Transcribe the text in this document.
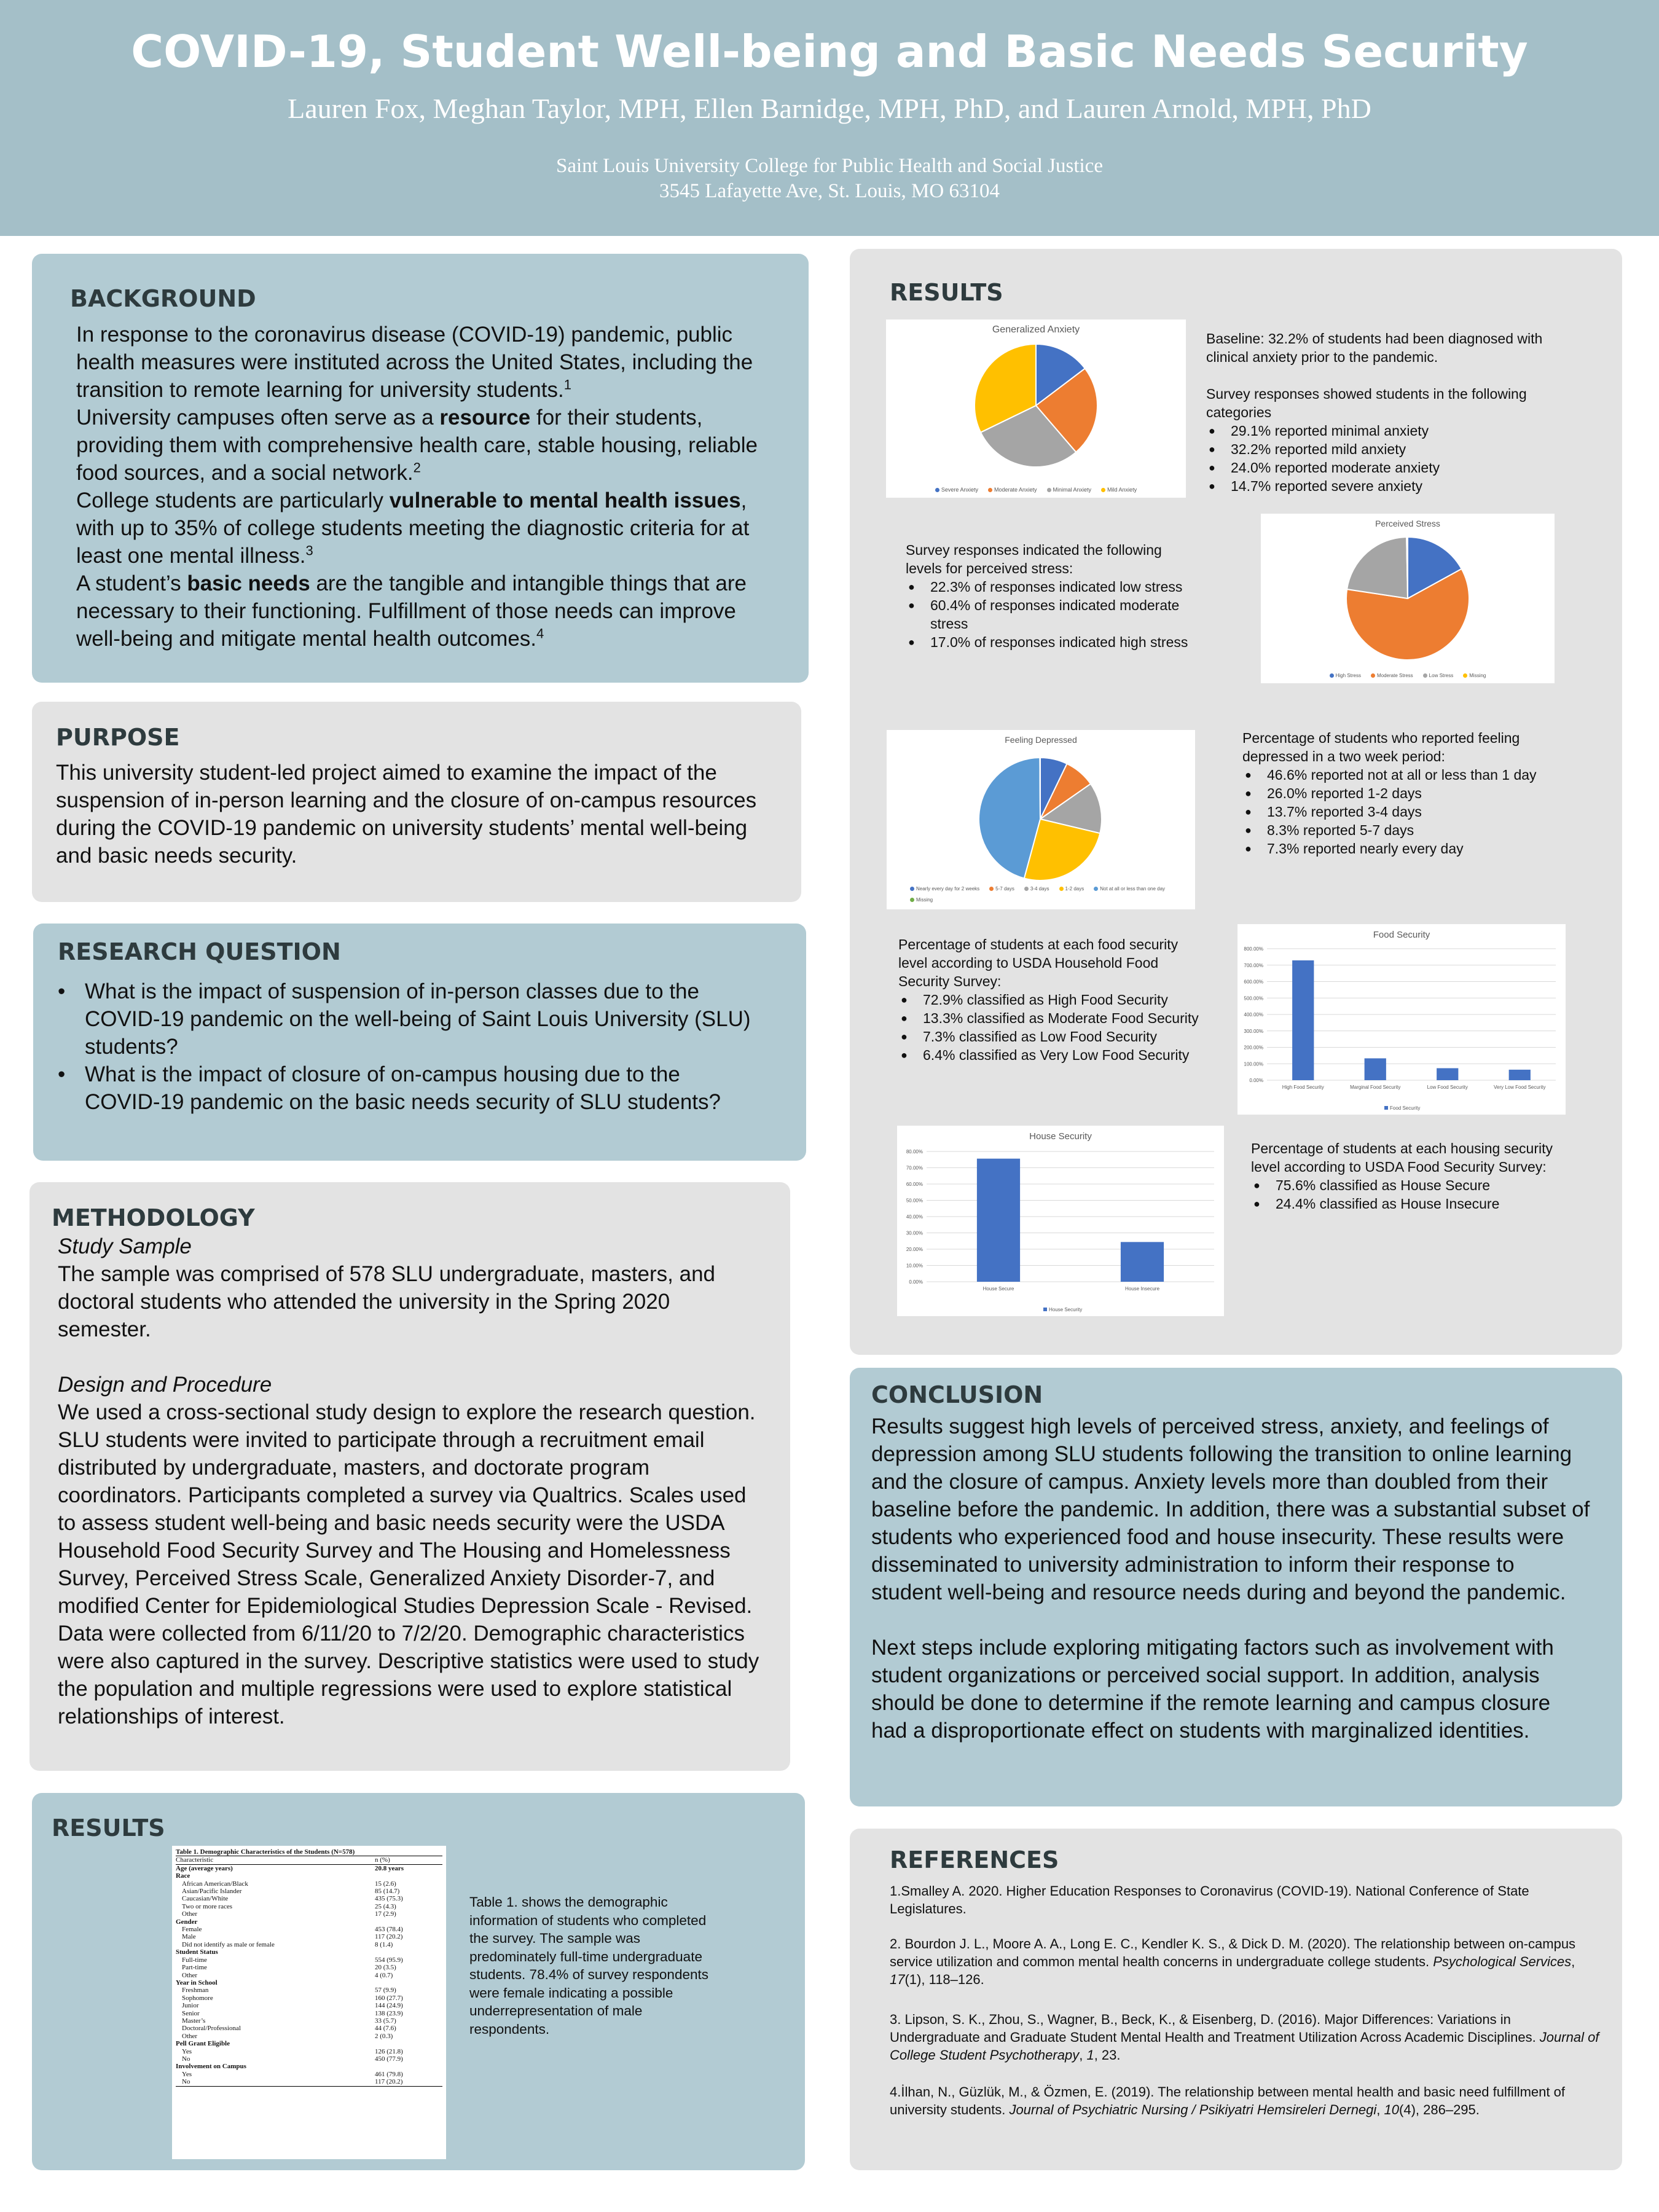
COVID-19, Student Well-being and Basic Needs Security
Lauren Fox, Meghan Taylor, MPH, Ellen Barnidge, MPH, PhD, and Lauren Arnold, MPH, PhD
Saint Louis University College for Public Health and Social Justice
3545 Lafayette Ave, St. Louis, MO 63104
BACKGROUND

In response to the coronavirus disease (COVID-19) pandemic, public health measures were instituted across the United States, including the transition to remote learning for university students.$^1$

University campuses often serve as a resource for their students, providing them with comprehensive health care, stable housing, reliable food sources, and a social network.$^2$

College students are particularly vulnerable to mental health issues, with up to 35% of college students meeting the diagnostic criteria for at least one mental illness.$^3$

A student’s basic needs are the tangible and intangible things that are necessary to their functioning. Fulfillment of those needs can improve well-being and mitigate mental health outcomes.$^4$

PURPOSE
This university student-led project aimed to examine the impact of the suspension of in-person learning and the closure of on-campus resources during the COVID-19 pandemic on university students’ mental well-being and basic needs security.
RESEARCH QUESTION
• What is the impact of suspension of in-person classes due to the COVID-19 pandemic on the well-being of Saint Louis University (SLU) students?
• What is the impact of closure of on-campus housing due to the COVID-19 pandemic on the basic needs security of SLU students?
METHODOLOGY

Study Sample

The sample was comprised of 578 SLU undergraduate, masters, and doctoral students who attended the university in the Spring 2020 semester.

Design and Procedure

We used a cross-sectional study design to explore the research question. SLU students were invited to participate through a recruitment email distributed by undergraduate, masters, and doctorate program coordinators. Participants completed a survey via Qualtrics. Scales used to assess student well-being and basic needs security were the USDA Household Food Security Survey and The Housing and Homelessness Survey, Perceived Stress Scale, Generalized Anxiety Disorder-7, and modified Center for Epidemiological Studies Depression Scale - Revised. Data were collected from 6/11/20 to 7/2/20. Demographic characteristics were also captured in the survey. Descriptive statistics were used to study the population and multiple regressions were used to explore statistical relationships of interest.

RESULTS
Table 1. Demographic Characteristics of the Students (N=578)	
Characteristic	n (%)
Age (average years)	20.8 years
Race	
African American/Black	15 (2.6)
Asian/Pacific Islander	85 (14.7)
Caucasian/White	435 (75.3)
Two or more races	25 (4.3)
Other	17 (2.9)
Gender	
Female	453 (78.4)
Male	117 (20.2)
Did not identify as male or female	8 (1.4)
Student Status	
Full-time	554 (95.9)
Part-time	20 (3.5)
Other	4 (0.7)
Year in School	
Freshman	57 (9.9)
Sophomore	160 (27.7)
Junior	144 (24.9)
Senior	138 (23.9)
Master’s	33 (5.7)
Doctoral/Professional	44 (7.6)
Other	2 (0.3)
Pell Grant Eligible	
Yes	126 (21.8)
No	450 (77.9)
Involvement on Campus	
Yes	461 (79.8)
No	117 (20.2)
Table 1. shows the demographic information of students who completed the survey. The sample was predominately full-time undergraduate students. 78.4% of survey respondents were female indicating a possible underrepresentation of male respondents.
RESULTS
Generalized Anxiety
Severe Anxiety	Moderate Anxiety	Minimal Anxiety	Mild Anxiety

Baseline: 32.2% of students had been diagnosed with clinical anxiety prior to the pandemic.

Survey responses showed students in the following categories

● 29.1% reported minimal anxiety
● 32.2% reported mild anxiety
● 24.0% reported moderate anxiety
● 14.7% reported severe anxiety

Survey responses indicated the following levels for perceived stress:

● 22.3% of responses indicated low stress
● 60.4% of responses indicated moderate stress
● 17.0% of responses indicated high stress
Perceived Stress
High Stress	Moderate Stress	Low Stress	Missing
Feeling Depressed
Nearly every day for 2 weeks	5-7 days	3-4 days	1-2 days	Not at all or less than one dayMissing

Percentage of students who reported feeling depressed in a two week period:

● 46.6% reported not at all or less than 1 day
● 26.0% reported 1-2 days
● 13.7% reported 3-4 days
● 8.3% reported 5-7 days
● 7.3% reported nearly every day

Percentage of students at each food security level according to USDA Household Food Security Survey:

● 72.9% classified as High Food Security
● 13.3% classified as Moderate Food Security
● 7.3% classified as Low Food Security
● 6.4% classified as Very Low Food Security
Food Security
0.00%
100.00%
200.00%
300.00%
400.00%
500.00%
600.00%
700.00%
800.00%
High Food Security	Marginal Food Security	Low Food Security	Very Low Food Security
Food Security
House Security
0.00%
10.00%
20.00%
30.00%
40.00%
50.00%
60.00%
70.00%
80.00%
House Secure	House Insecure
House Security

Percentage of students at each housing security level according to USDA Food Security Survey:

● 75.6% classified as House Secure
● 24.4% classified as House Insecure
CONCLUSION

Results suggest high levels of perceived stress, anxiety, and feelings of depression among SLU students following the transition to online learning and the closure of campus. Anxiety levels more than doubled from their baseline before the pandemic. In addition, there was a substantial subset of students who experienced food and house insecurity. These results were disseminated to university administration to inform their response to student well-being and resource needs during and beyond the pandemic.

Next steps include exploring mitigating factors such as involvement with student organizations or perceived social support. In addition, analysis should be done to determine if the remote learning and campus closure had a disproportionate effect on students with marginalized identities.

REFERENCES

1.Smalley A. 2020. Higher Education Responses to Coronavirus (COVID-19). National Conference of State Legislatures.

2. Bourdon J. L., Moore A. A., Long E. C., Kendler K. S., & Dick D. M. (2020). The relationship between on-campus service utilization and common mental health concerns in undergraduate college students. Psychological Services, 17(1), 118–126.

3. Lipson, S. K., Zhou, S., Wagner, B., Beck, K., & Eisenberg, D. (2016). Major Differences: Variations in Undergraduate and Graduate Student Mental Health and Treatment Utilization Across Academic Disciplines. Journal of College Student Psychotherapy, 1, 23.

4.İlhan, N., Güzlük, M., & Özmen, E. (2019). The relationship between mental health and basic need fulfillment of university students. Journal of Psychiatric Nursing / Psikiyatri Hemsireleri Dernegi, 10(4), 286–295.
